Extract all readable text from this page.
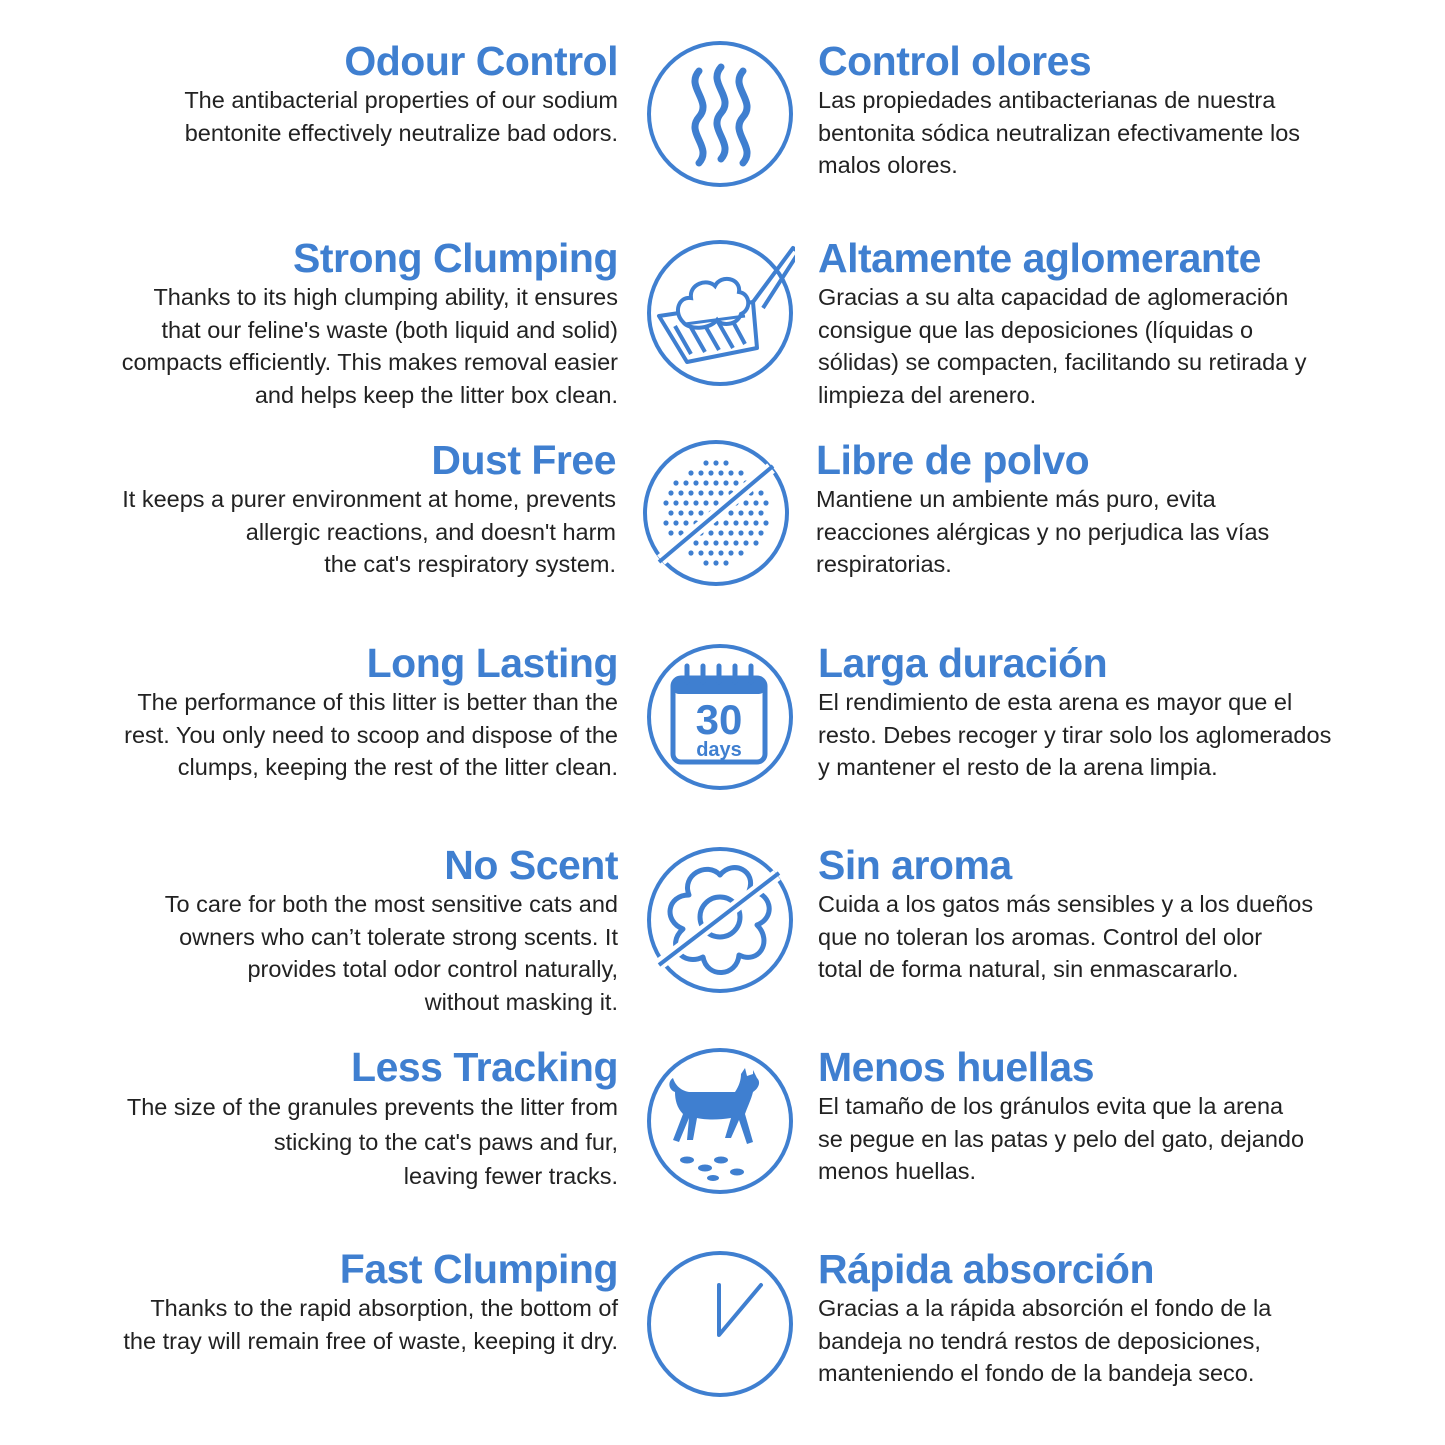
Odour Control

The antibacterial properties of our sodium
bentonite effectively neutralize bad odors.

Control olores

Las propiedades antibacterianas de nuestra
bentonita sódica neutralizan efectivamente los
malos olores.

Strong Clumping

Thanks to its high clumping ability, it ensures
that our feline's waste (both liquid and solid)
compacts efficiently. This makes removal easier
and helps keep the litter box clean.

Altamente aglomerante

Gracias a su alta capacidad de aglomeración
consigue que las deposiciones (líquidas o
sólidas) se compacten, facilitando su retirada y
limpieza del arenero.

Dust Free

It keeps a purer environment at home, prevents
allergic reactions, and doesn't harm
the cat's respiratory system.

Libre de polvo

Mantiene un ambiente más puro, evita
reacciones alérgicas y no perjudica las vías
respiratorias.

Long Lasting

The performance of this litter is better than the
rest. You only need to scoop and dispose of the
clumps, keeping the rest of the litter clean.

30
days
Larga duración

El rendimiento de esta arena es mayor que el
resto. Debes recoger y tirar solo los aglomerados
y mantener el resto de la arena limpia.

No Scent

To care for both the most sensitive cats and
owners who can’t tolerate strong scents. It
provides total odor control naturally,
without masking it.

Sin aroma

Cuida a los gatos más sensibles y a los dueños
que no toleran los aromas. Control del olor
total de forma natural, sin enmascararlo.

Less Tracking

The size of the granules prevents the litter from
sticking to the cat's paws and fur,
leaving fewer tracks.

Menos huellas

El tamaño de los gránulos evita que la arena
se pegue en las patas y pelo del gato, dejando
menos huellas.

Fast Clumping

Thanks to the rapid absorption, the bottom of
the tray will remain free of waste, keeping it dry.

Rápida absorción

Gracias a la rápida absorción el fondo de la
bandeja no tendrá restos de deposiciones,
manteniendo el fondo de la bandeja seco.
